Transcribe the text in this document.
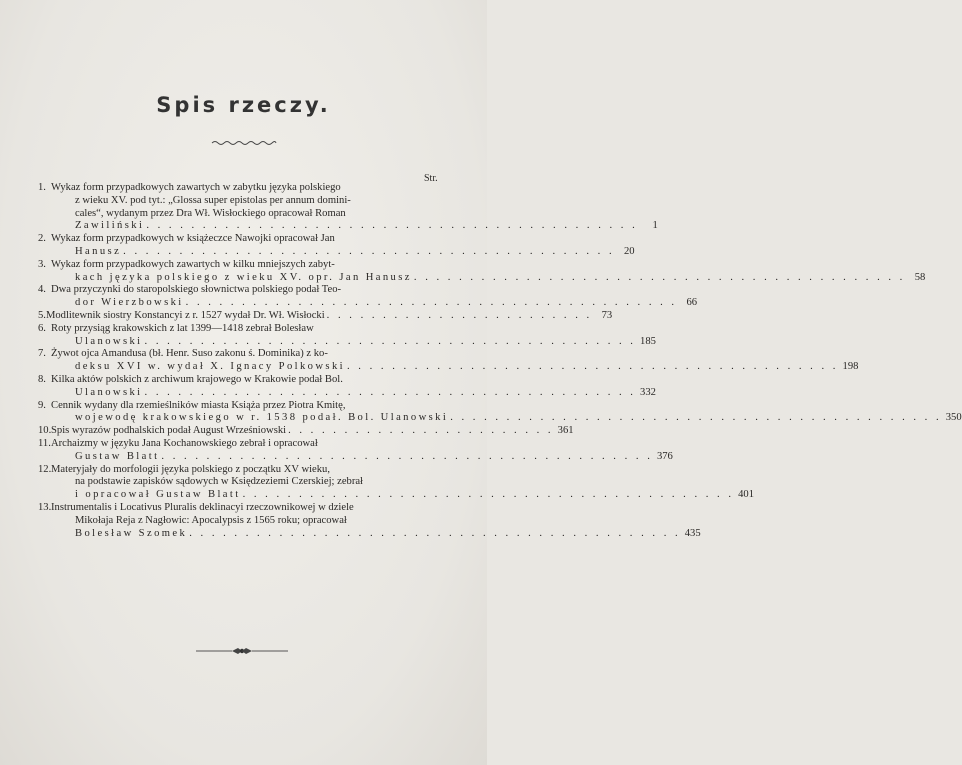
Spis rzeczy.
Str.
1. Wykaz form przypadkowych zawartych w zabytku języka polskiego
z wieku XV. pod tyt.: „Glossa super epistolas per annum domini-
cales“, wydanym przez Dra Wł. Wisłockiego opracował Roman
Zawiliński . . . . . . . . . . . . . . . . . . . . . . . . . . . . . . . . . . . . . . . . . . . .	1
2. Wykaz form przypadkowych w książeczce Nawojki opracował Jan
Hanusz . . . . . . . . . . . . . . . . . . . . . . . . . . . . . . . . . . . . . . . . . . . . 20
3. Wykaz form przypadkowych zawartych w kilku mniejszych zabyt-
kach języka polskiego z wieku XV. opr. Jan Hanusz . . . . . . . . . . . . . . . . . . . . . . . . . . . . . . . . . . . . . . . . . . . . 58
4. Dwa przyczynki do staropolskiego słownictwa polskiego podał Teo-
dor Wierzbowski . . . . . . . . . . . . . . . . . . . . . . . . . . . . . . . . . . . . . . . . . . . . 66
5. Modlitewnik siostry Konstancyi z r. 1527 wydał Dr. Wł. Wisłocki . . . . . . . . . . . . . . . . . . . . . . . . 73
6. Roty przysiąg krakowskich z lat 1399—1418 zebrał Bolesław
Ulanowski . . . . . . . . . . . . . . . . . . . . . . . . . . . . . . . . . . . . . . . . . . . . 185
7. Żywot ojca Amandusa (bł. Henr. Suso zakonu ś. Dominika) z ko-
deksu XVI w. wydał X. Ignacy Polkowski . . . . . . . . . . . . . . . . . . . . . . . . . . . . . . . . . . . . . . . . . . . . 198
8. Kilka aktów polskich z archiwum krajowego w Krakowie podał Bol.
Ulanowski . . . . . . . . . . . . . . . . . . . . . . . . . . . . . . . . . . . . . . . . . . . . 332
9. Cennik wydany dla rzemieślników miasta Książa przez Piotra Kmitę,
wojewodę krakowskiego w r. 1538 podał. Bol. Ulanowski . . . . . . . . . . . . . . . . . . . . . . . . . . . . . . . . . . . . . . . . . . . . 350
10. Spis wyrazów podhalskich podał August Wrześniowski . . . . . . . . . . . . . . . . . . . . . . . . 361
11.Archaizmy w języku Jana Kochanowskiego zebrał i opracował
Gustaw Blatt . . . . . . . . . . . . . . . . . . . . . . . . . . . . . . . . . . . . . . . . . . . . 376
12.Materyjały do morfologii języka polskiego z początku XV wieku,
na podstawie zapisków sądowych w Księdzeziemi Czerskiej; zebrał
i opracował Gustaw Blatt . . . . . . . . . . . . . . . . . . . . . . . . . . . . . . . . . . . . . . . . . . . . 401
13.Instrumentalis i Locativus Pluralis deklinacyi rzeczownikowej w dziele
Mikołaja Reja z Nagłowic: Apocalypsis z 1565 roku; opracował
Bolesław Szomek . . . . . . . . . . . . . . . . . . . . . . . . . . . . . . . . . . . . . . . . . . . . 435
